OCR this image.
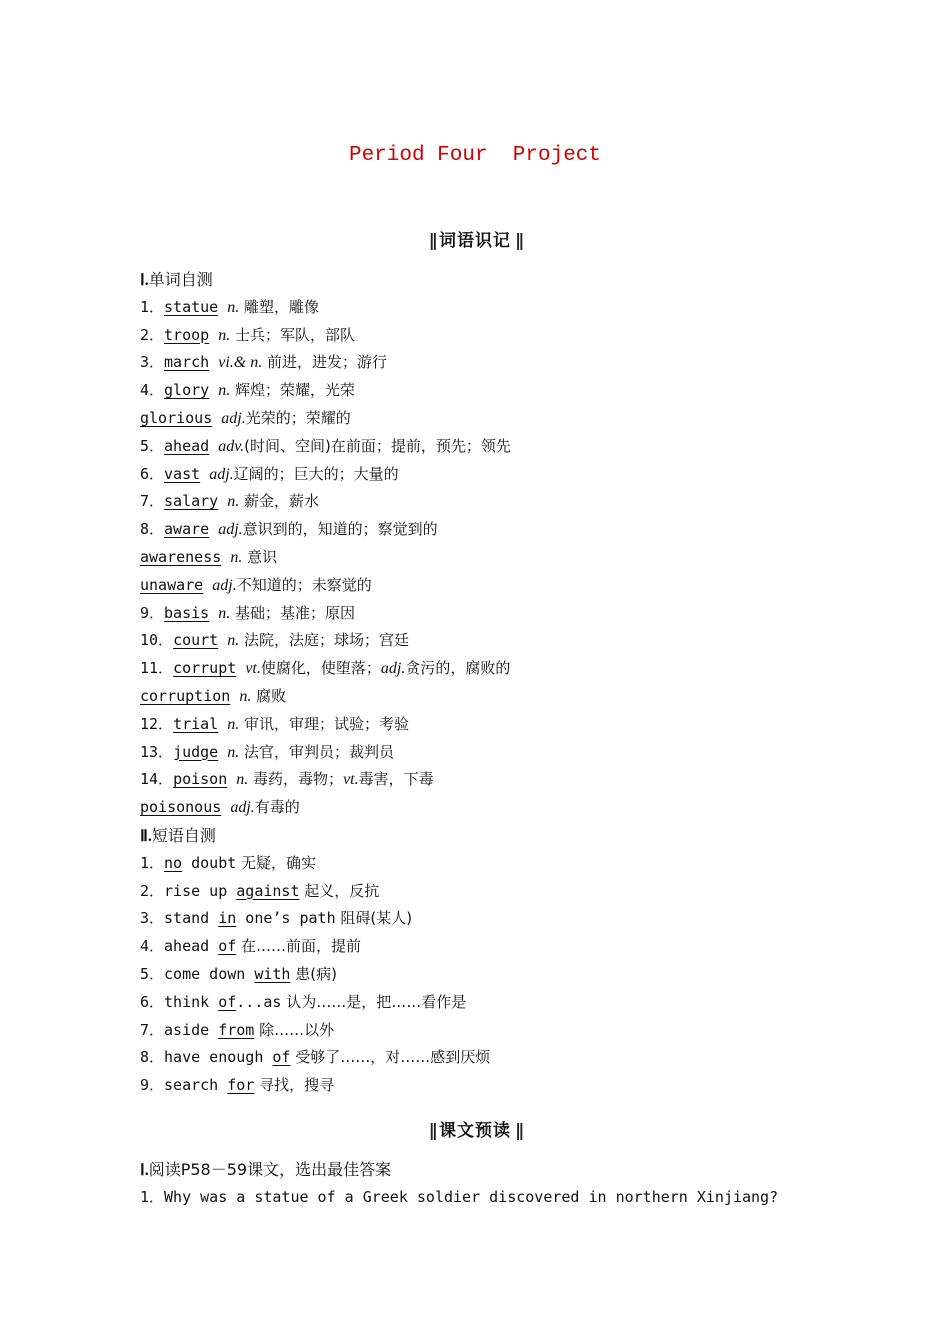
Period Four  Project
|| 词语识记 ||
Ⅰ.单词自测
1．statue n. 雕塑，雕像
2．troop n. 士兵；军队，部队
3．march vi.& n. 前进，进发；游行
4．glory n. 辉煌；荣耀，光荣
glorious adj.光荣的；荣耀的
5．ahead adv.(时间、空间)在前面；提前，预先；领先
6．vast adj.辽阔的；巨大的；大量的
7．salary n. 薪金，薪水
8．aware adj.意识到的，知道的；察觉到的
awareness n. 意识
unaware adj.不知道的；未察觉的
9．basis n. 基础；基准；原因
10．court n. 法院，法庭；球场；宫廷
11．corrupt vt.使腐化，使堕落；adj.贪污的，腐败的
corruption n. 腐败
12．trial n. 审讯，审理；试验；考验
13．judge n. 法官，审判员；裁判员
14．poison n. 毒药，毒物；vt.毒害，下毒
poisonous adj.有毒的
Ⅱ.短语自测
1．no doubt 无疑，确实
2．rise up against 起义，反抗
3．stand in one’s path 阻碍(某人)
4．ahead of 在……前面，提前
5．come down with 患(病)
6．think of...as 认为……是，把……看作是
7．aside from 除……以外
8．have enough of 受够了……，对……感到厌烦
9．search for 寻找，搜寻
|| 课文预读 ||
Ⅰ.阅读P58－59课文，选出最佳答案
1．Why was a statue of a Greek soldier discovered in northern Xinjiang?
